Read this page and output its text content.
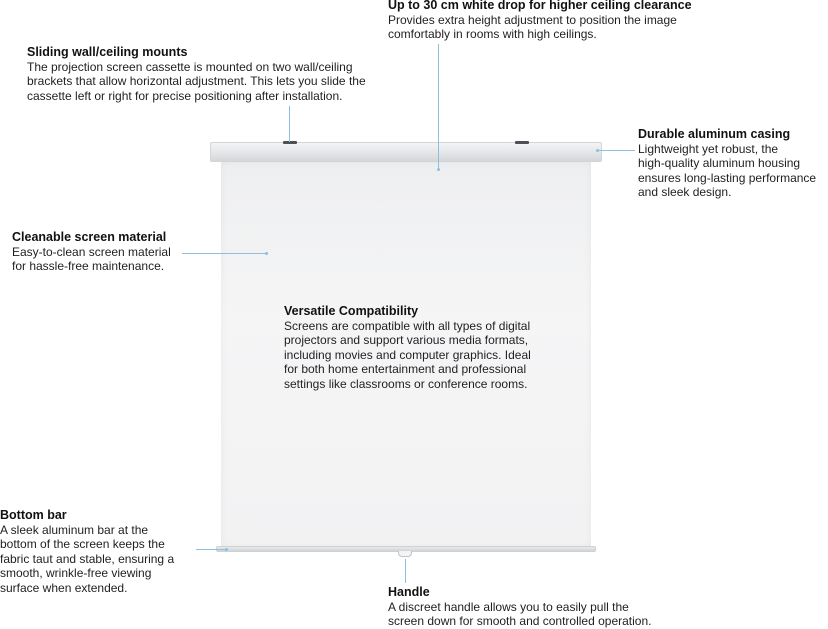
Up to 30 cm white drop for higher ceiling clearance
Provides extra height adjustment to position the image
comfortably in rooms with high ceilings.
Sliding wall/ceiling mounts
The projection screen cassette is mounted on two wall/ceiling
brackets that allow horizontal adjustment. This lets you slide the
cassette left or right for precise positioning after installation.
Durable aluminum casing
Lightweight yet robust, the
high-quality aluminum housing
ensures long-lasting performance
and sleek design.
Cleanable screen material
Easy-to-clean screen material
for hassle-free maintenance.
Versatile Compatibility
Screens are compatible with all types of digital
projectors and support various media formats,
including movies and computer graphics. Ideal
for both home entertainment and professional
settings like classrooms or conference rooms.
Bottom bar
A sleek aluminum bar at the
bottom of the screen keeps the
fabric taut and stable, ensuring a
smooth, wrinkle-free viewing
surface when extended.	Handle
A discreet handle allows you to easily pull the
screen down for smooth and controlled operation.
